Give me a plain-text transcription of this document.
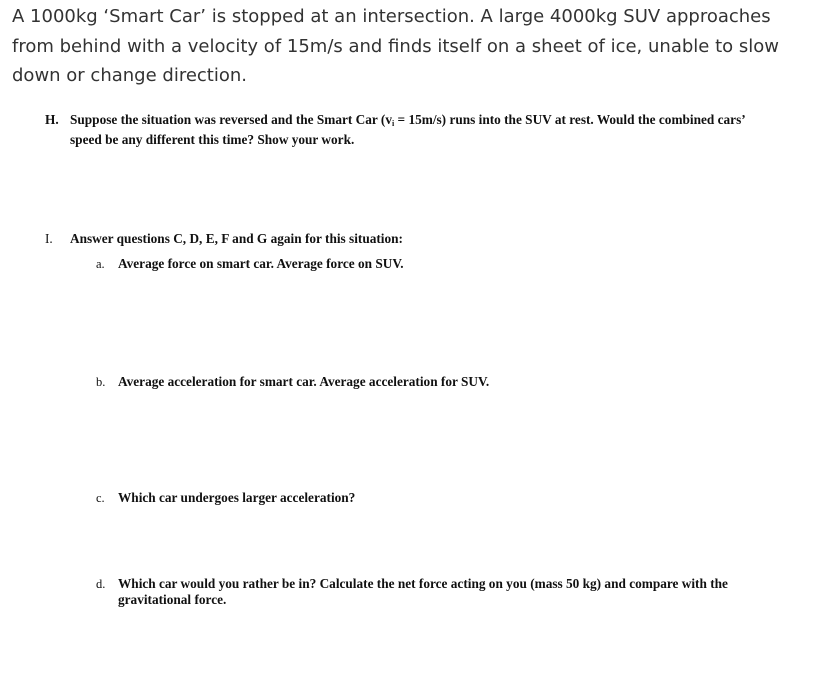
A 1000kg ‘Smart Car’ is stopped at an intersection. A large 4000kg SUV approaches from behind with a velocity of 15m/s and finds itself on a sheet of ice, unable to slow down or change direction.

H. Suppose the situation was reversed and the Smart Car $(v_i = 15m/s)$ runs into the SUV at rest. Would the combined cars’ speed be any different this time? Show your work.

I. Answer questions C, D, E, F and G again for this situation:

a. Average force on smart car. Average force on SUV.

b. Average acceleration for smart car. Average acceleration for SUV.

c. Which car undergoes larger acceleration?

d. Which car would you rather be in? Calculate the net force acting on you (mass 50 kg) and compare with the gravitational force.
